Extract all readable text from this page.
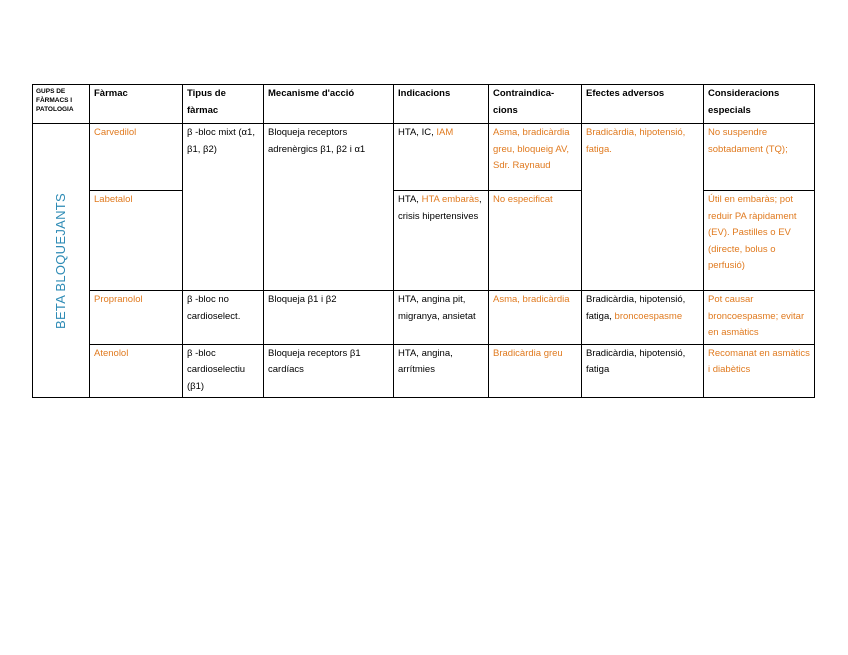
GUPS DE FÀRMACS I PATOLOGIA	Fàrmac	Tipus de fàrmac	Mecanisme d'acció	Indicacions	Contraindica- cions	Efectes adversos	Consideracions especials

BETA BLOQUEJANTS	Carvedilol	β -bloc mixt (α1, β1, β2)	Bloqueja receptors adrenèrgics β1, β2 i α1	HTA, IC, IAM	Asma, bradicàrdia greu, bloqueig AV, Sdr. Raynaud	Bradicàrdia, hipotensió, fatiga.	No suspendre sobtadament (TQ);
	Labetalol			HTA, HTA embaràs, crisis hipertensives	No especificat		Útil en embaràs; pot reduir PA ràpidament (EV). Pastilles o EV (directe, bolus o perfusió)
	Propranolol	β -bloc no cardioselect.	Bloqueja β1 i β2	HTA, angina pit, migranya, ansietat	Asma, bradicàrdia	Bradicàrdia, hipotensió, fatiga, broncoespasme	Pot causar broncoespasme; evitar en asmàtics
	Atenolol	β -bloc cardioselectiu (β1)	Bloqueja receptors β1 cardíacs	HTA, angina, arrítmies	Bradicàrdia greu	Bradicàrdia, hipotensió, fatiga	Recomanat en asmàtics i diabètics
